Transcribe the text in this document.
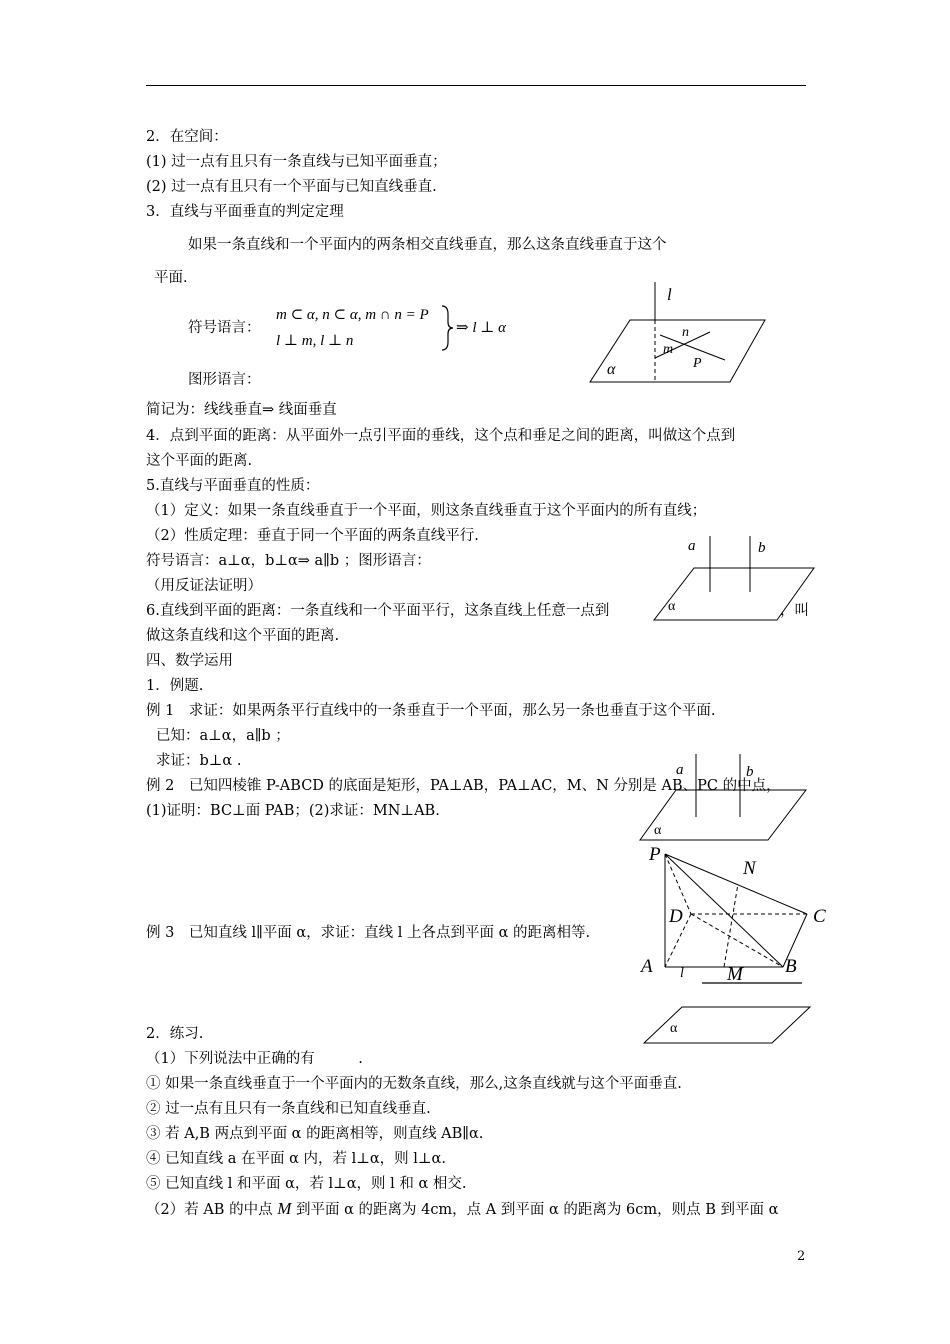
2．在空间：
(1) 过一点有且只有一条直线与已知平面垂直；
(2) 过一点有且只有一个平面与已知直线垂直.
3．直线与平面垂直的判定定理
如果一条直线和一个平面内的两条相交直线垂直，那么这条直线垂直于这个
平面.
符号语言：
m ⊂ α, n ⊂ α, m ∩ n = P
l ⊥ m, l ⊥ n
⇒ l ⊥ α
图形语言：
简记为：线线垂直⇒ 线面垂直
4．点到平面的距离：从平面外一点引平面的垂线，这个点和垂足之间的距离，叫做这个点到
这个平面的距离.
5.直线与平面垂直的性质：
（1）定义：如果一条直线垂直于一个平面，则这条直线垂直于这个平面内的所有直线；
（2）性质定理：垂直于同一个平面的两条直线平行.
符号语言：a⊥α，b⊥α⇒ a∥b ；图形语言：
（用反证法证明）
6.直线到平面的距离：一条直线和一个平面平行，这条直线上任意一点到	，叫
做这条直线和这个平面的距离.
四、数学运用
1．例题.
例 1　求证：如果两条平行直线中的一条垂直于一个平面，那么另一条也垂直于这个平面.
已知：a⊥α，a∥b ；
求证：b⊥α .
例 2　已知四棱锥 P-ABCD 的底面是矩形，PA⊥AB，PA⊥AC，M、N 分别是 AB、PC 的中点，
(1)证明：BC⊥面 PAB；(2)求证：MN⊥AB.
例 3　已知直线 l∥平面 α，求证：直线 l 上各点到平面 α 的距离相等.
2．练习.
（1）下列说法中正确的有　　　.
① 如果一条直线垂直于一个平面内的无数条直线，那么,这条直线就与这个平面垂直.
② 过一点有且只有一条直线和已知直线垂直.
③ 若 A,B 两点到平面 α 的距离相等，则直线 AB∥α.
④ 已知直线 a 在平面 α 内，若 l⊥α，则 l⊥α.
⑤ 已知直线 l 和平面 α，若 l⊥α，则 l 和 α 相交.
（2）若 AB 的中点 M 到平面 α 的距离为 4cm，点 A 到平面 α 的距离为 6cm，则点 B 到平面 α
l
n
m
P
α
a	b
α
a	b
α
P
N
D	C
A	B
M
l
α
2
